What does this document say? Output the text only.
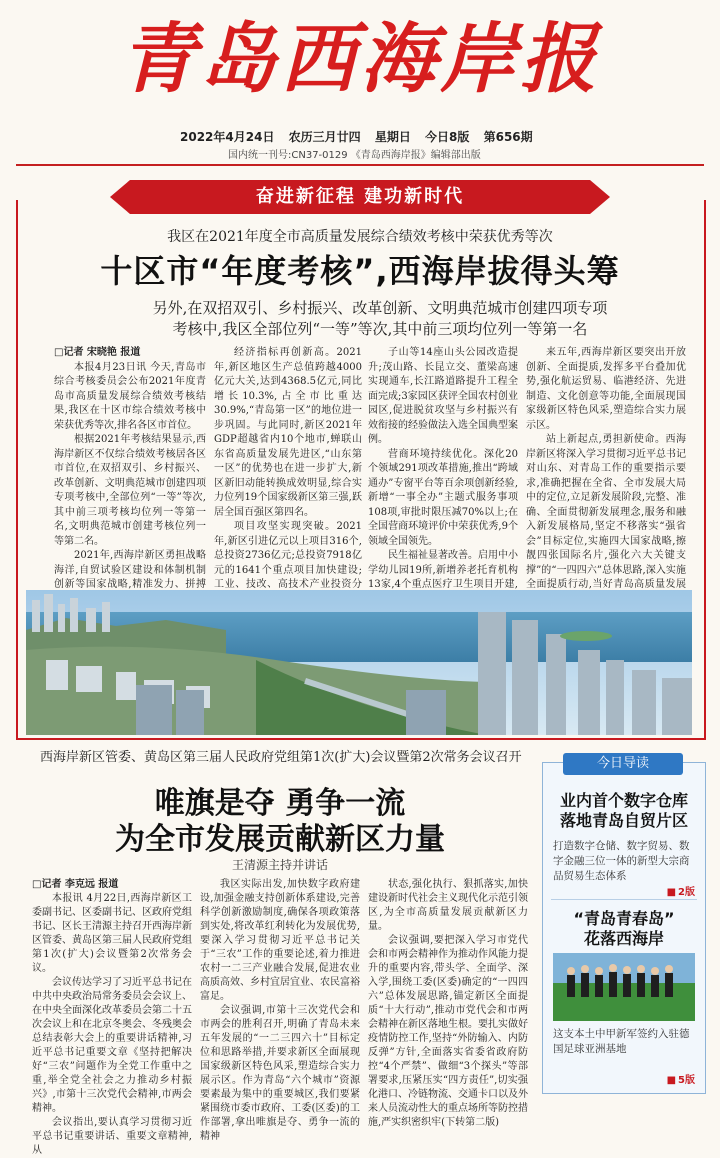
青岛西海岸报
2022年4月24日 农历三月廿四 星期日 今日8版 第656期
国内统一刊号:CN37-0129 《青岛西海岸报》编辑部出版
奋进新征程 建功新时代
我区在2021年度全市高质量发展综合绩效考核中荣获优秀等次
十区市“年度考核”,西海岸拔得头筹
另外,在双招双引、乡村振兴、改革创新、文明典范城市创建四项专项
考核中,我区全部位列“一等”等次,其中前三项均位列一等第一名

□记者 宋晓艳 报道

本报4月23日讯 今天,青岛市综合考核委员会公布2021年度青岛市高质量发展综合绩效考核结果,我区在十区市综合绩效考核中荣获优秀等次,排名各区市首位。

根据2021年考核结果显示,西海岸新区不仅综合绩效考核居各区市首位,在双招双引、乡村振兴、改革创新、文明典范城市创建四项专项考核中,全部位列“一等”等次,其中前三项考核均位列一等第一名,文明典范城市创建考核位列一等第二名。

2021年,西海岸新区勇担战略海洋,自贸试验区建设和体制机制创新等国家战略,精准发力、拼搏

经济指标再创新高。2021年,新区地区生产总值跨越4000亿元大关,达到4368.5亿元,同比增长10.3%,占全市比重达30.9%,“青岛第一区”的地位进一步巩固。与此同时,新区2021年GDP超越省内10个地市,蝉联山东省高质量发展先进区,“山东第一区”的优势也在进一步扩大,新区新旧动能转换成效明显,综合实力位列19个国家级新区第三强,跃居全国百强区第四名。

项目攻坚实现突破。2021年,新区引进亿元以上项目316个,总投资2736亿元;总投资7918亿元的1641个重点项目加快建设;工业、技改、高技术产业投资分

子山等14座山头公园改造提升;茂山路、长昆立交、董梁高速实现通车,长江路道路提升工程全面完成;3家园区获评全国农村创业园区,促进脱贫攻坚与乡村振兴有效衔接的经验做法入选全国典型案例。

营商环境持续优化。深化20个领域291项改革措施,推出“跨域通办”专窗平台等百余项创新经验,新增“一事全办”主题式服务事项108项,审批时限压减70%以上;在全国营商环境评价中荣获优秀,9个领域全国领先。

民生福祉显著改善。启用中小学幼儿园19所,新增养老托育机构13家,4个重点医疗卫生项目开建,

来五年,西海岸新区要突出开放创新、全面提质,发挥多平台叠加优势,强化航运贸易、临港经济、先进制造、文化创意等功能,全面展现国家级新区特色风采,塑造综合实力展示区。

站上新起点,勇担新使命。西海岸新区将深入学习贯彻习近平总书记对山东、对青岛工作的重要指示要求,准确把握在全省、全市发展大局中的定位,立足新发展阶段,完整、准确、全面贯彻新发展理念,服务和融入新发展格局,坚定不移落实“强省会”目标定位,实施四大国家战略,擦靓四张国际名片,强化六大关键支撑”的“一四四六”总体思路,深入实施全面提质行动,当好青岛高质量发展

西海岸新区管委、黄岛区第三届人民政府党组第1次(扩大)会议暨第2次常务会议召开
唯旗是夺 勇争一流
为全市发展贡献新区力量
王清源主持并讲话

□记者 李克远 报道

本报讯 4月22日,西海岸新区工委副书记、区委副书记、区政府党组书记、区长王清源主持召开西海岸新区管委、黄岛区第三届人民政府党组第1次(扩大)会议暨第2次常务会议。

会议传达学习了习近平总书记在中共中央政治局常务委员会会议上、在中央全面深化改革委员会第二十五次会议上和在北京冬奥会、冬残奥会总结表彰大会上的重要讲话精神,习近平总书记重要文章《坚持把解决好“三农”问题作为全党工作重中之重,举全党全社会之力推动乡村振兴》,市第十三次党代会精神,市两会精神。

会议指出,要认真学习贯彻习近平总书记重要讲话、重要文章精神,从

我区实际出发,加快数字政府建设,加强金融支持创新体系建设,完善科学创新激励制度,确保各项政策落到实处,将改革红利转化为发展优势,要深入学习贯彻习近平总书记关于“三农”工作的重要论述,着力推进农村一二三产业融合发展,促进农业高质高效、乡村宜居宜业、农民富裕富足。

会议强调,市第十三次党代会和市两会的胜利召开,明确了青岛未来五年发展的“一二三四六十”目标定位和思路举措,并要求新区全面展现国家级新区特色风采,塑造综合实力展示区。作为青岛“六个城市”资源要素最为集中的重要城区,我们要紧紧围绕市委市政府、工委(区委)的工作部署,拿出唯旗是夺、勇争一流的精神

状态,强化执行、狠抓落实,加快建设新时代社会主义现代化示范引领区,为全市高质量发展贡献新区力量。

会议强调,要把深入学习市党代会和市两会精神作为推动作风能力提升的重要内容,带头学、全面学、深入学,围绕工委(区委)确定的“一四四六”总体发展思路,锚定新区全面提质“十大行动”,推动市党代会和市两会精神在新区落地生根。要扎实做好疫情防控工作,坚持“外防输入、内防反弹”方针,全面落实省委省政府防控“4个严禁”、做细“3个探头”等部署要求,压紧压实“四方责任”,切实强化港口、冷链物流、交通卡口以及外来人员流动性大的重点场所等防控措施,严实织密织牢(下转第二版)

今日导读
业内首个数字仓库
落地青岛自贸片区
打造数字仓储、数字贸易、数字金融三位一体的新型大宗商品贸易生态体系
■ 2版
“青岛青春岛”
花落西海岸
这支本土中甲新军签约入驻德国足球亚洲基地
■ 5版
